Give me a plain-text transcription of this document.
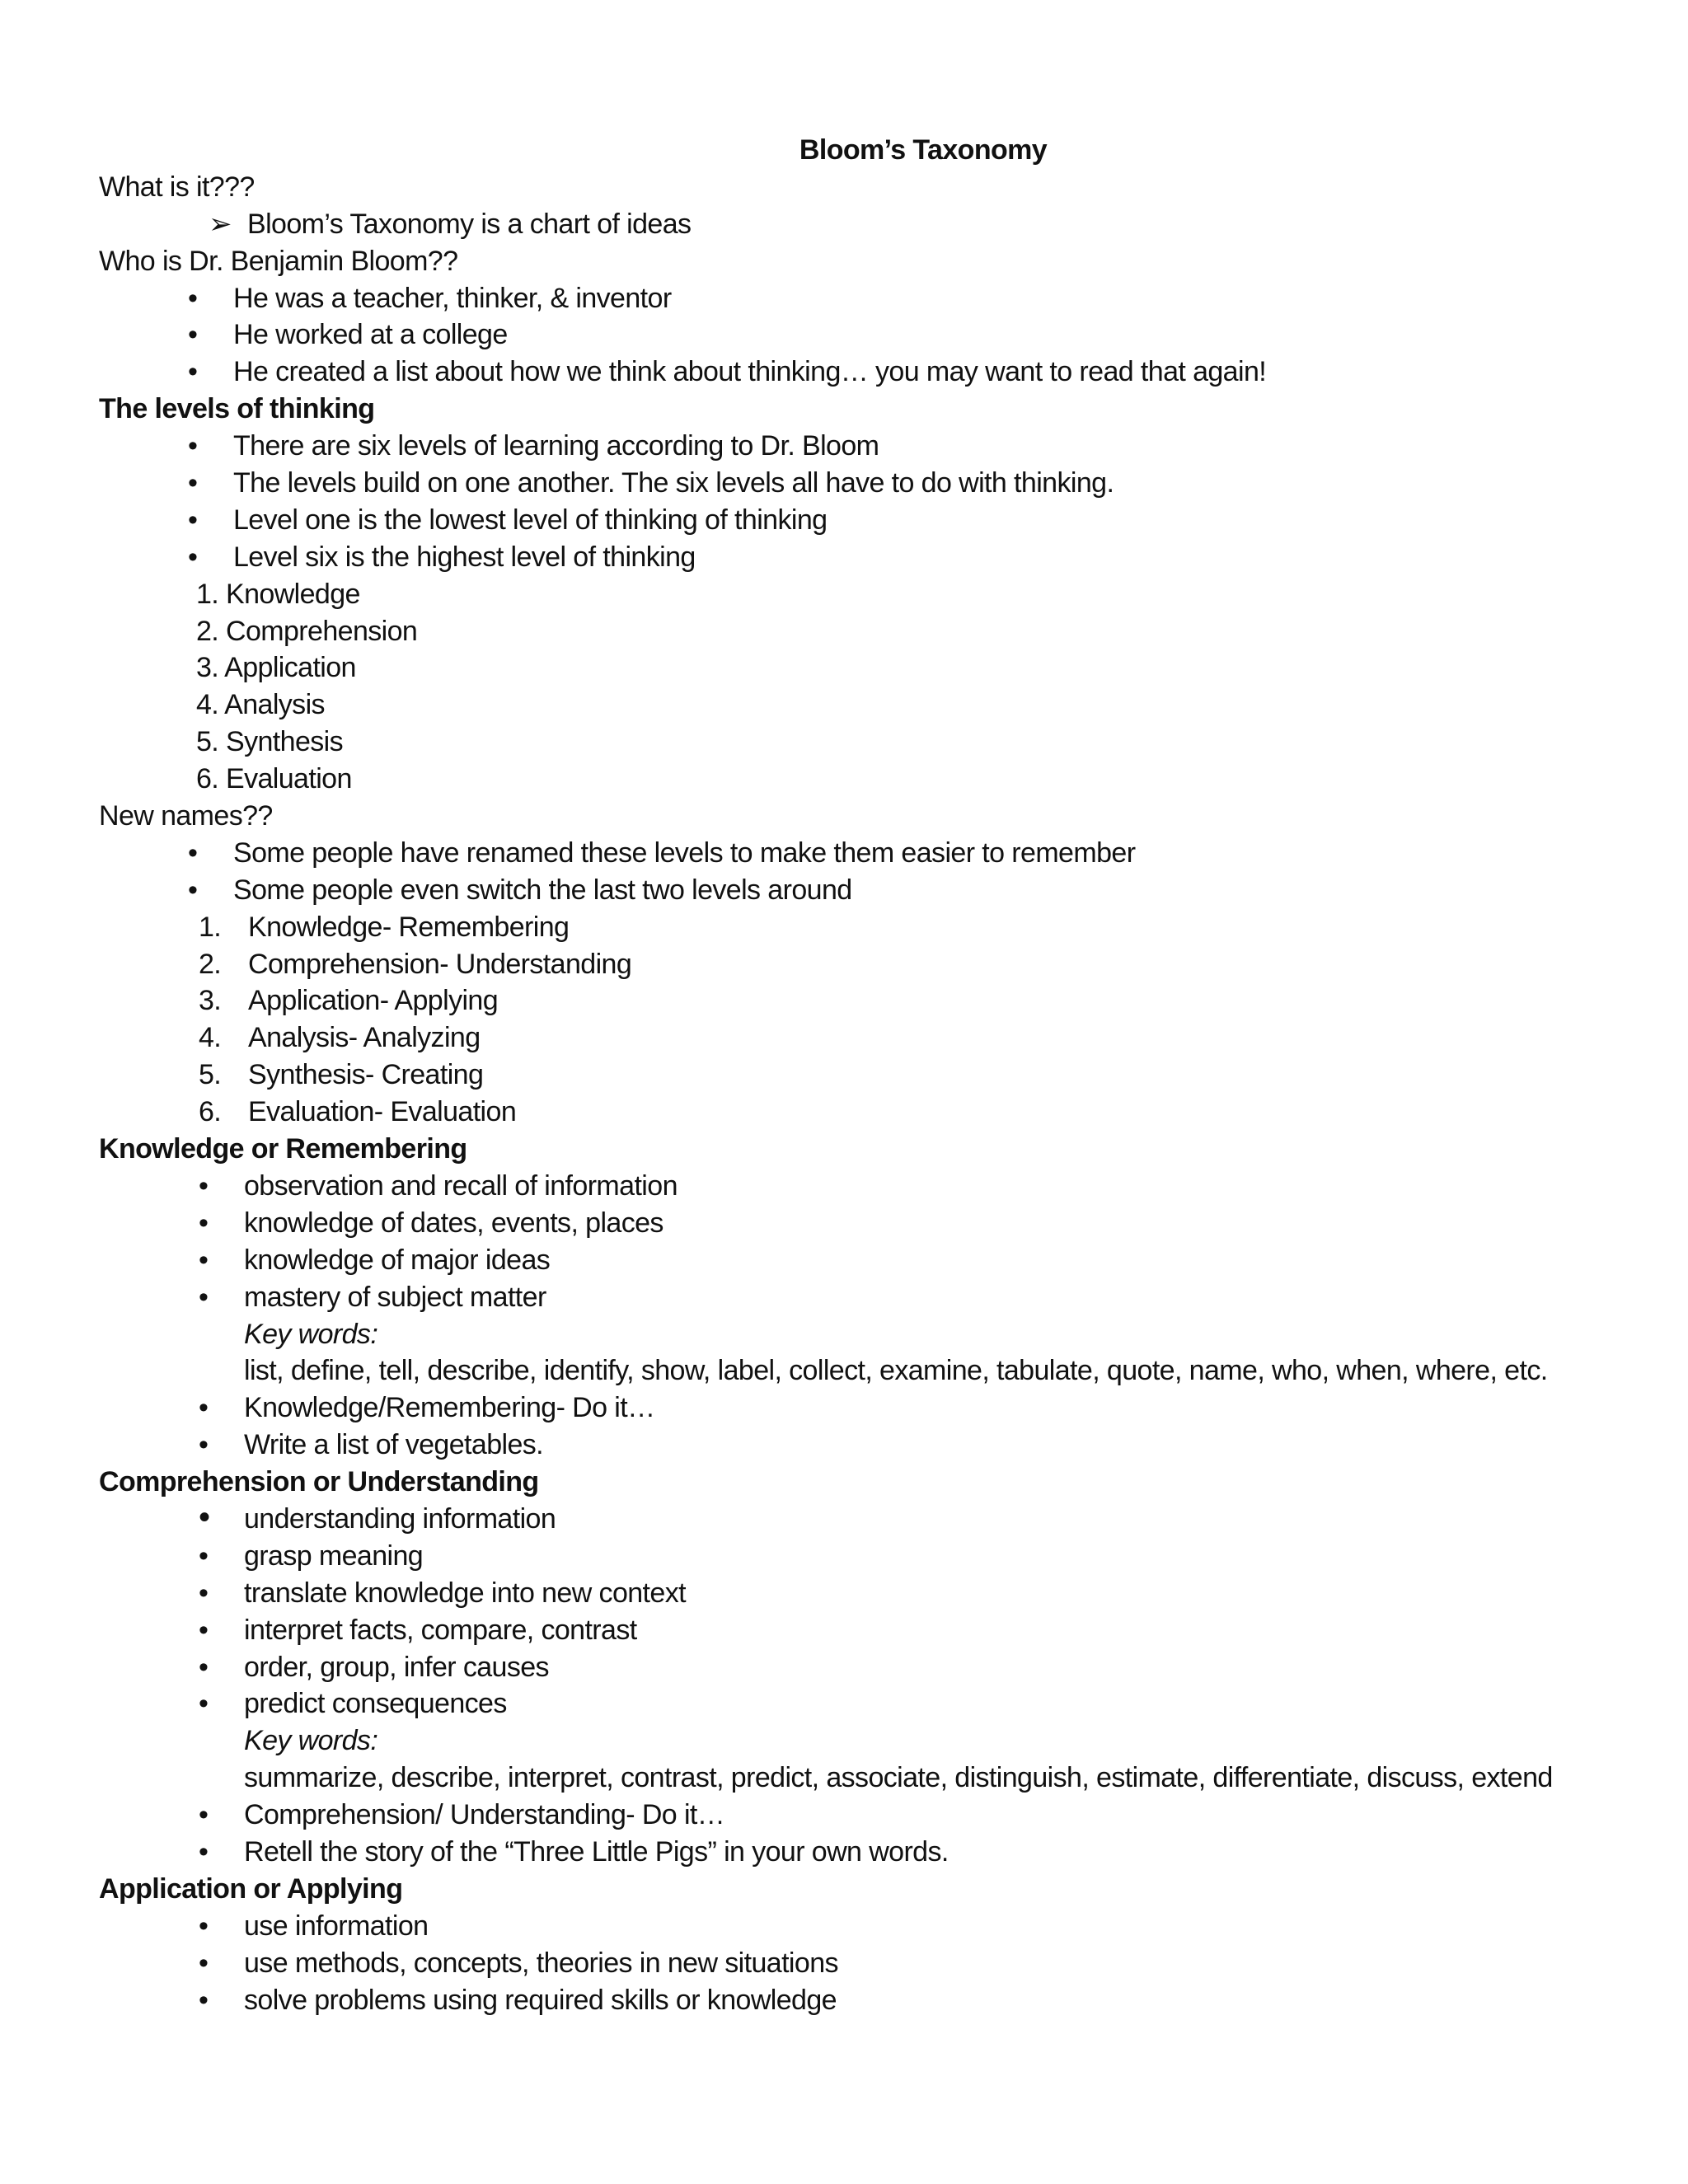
Bloom’s Taxonomy
What is it???
➢ Bloom’s Taxonomy is a chart of ideas
Who is Dr. Benjamin Bloom??
• He was a teacher, thinker, & inventor
• He worked at a college
• He created a list about how we think about thinking… you may want to read that again!
The levels of thinking
• There are six levels of learning according to Dr. Bloom
• The levels build on one another. The six levels all have to do with thinking.
• Level one is the lowest level of thinking of thinking
• Level six is the highest level of thinking
1. Knowledge
2. Comprehension
3. Application
4. Analysis
5. Synthesis
6. Evaluation
New names??
• Some people have renamed these levels to make them easier to remember
• Some people even switch the last two levels around
1. Knowledge- Remembering
2. Comprehension- Understanding
3. Application- Applying
4. Analysis- Analyzing
5. Synthesis- Creating
6. Evaluation- Evaluation
Knowledge or Remembering
• observation and recall of information
• knowledge of dates, events, places
• knowledge of major ideas
• mastery of subject matter
Key words:
list, define, tell, describe, identify, show, label, collect, examine, tabulate, quote, name, who, when, where, etc.
• Knowledge/Remembering- Do it…
• Write a list of vegetables.
Comprehension or Understanding
• understanding information
• grasp meaning
• translate knowledge into new context
• interpret facts, compare, contrast
• order, group, infer causes
• predict consequences
Key words:
summarize, describe, interpret, contrast, predict, associate, distinguish, estimate, differentiate, discuss, extend
• Comprehension/ Understanding- Do it…
• Retell the story of the “Three Little Pigs” in your own words.
Application or Applying
• use information
• use methods, concepts, theories in new situations
• solve problems using required skills or knowledge
